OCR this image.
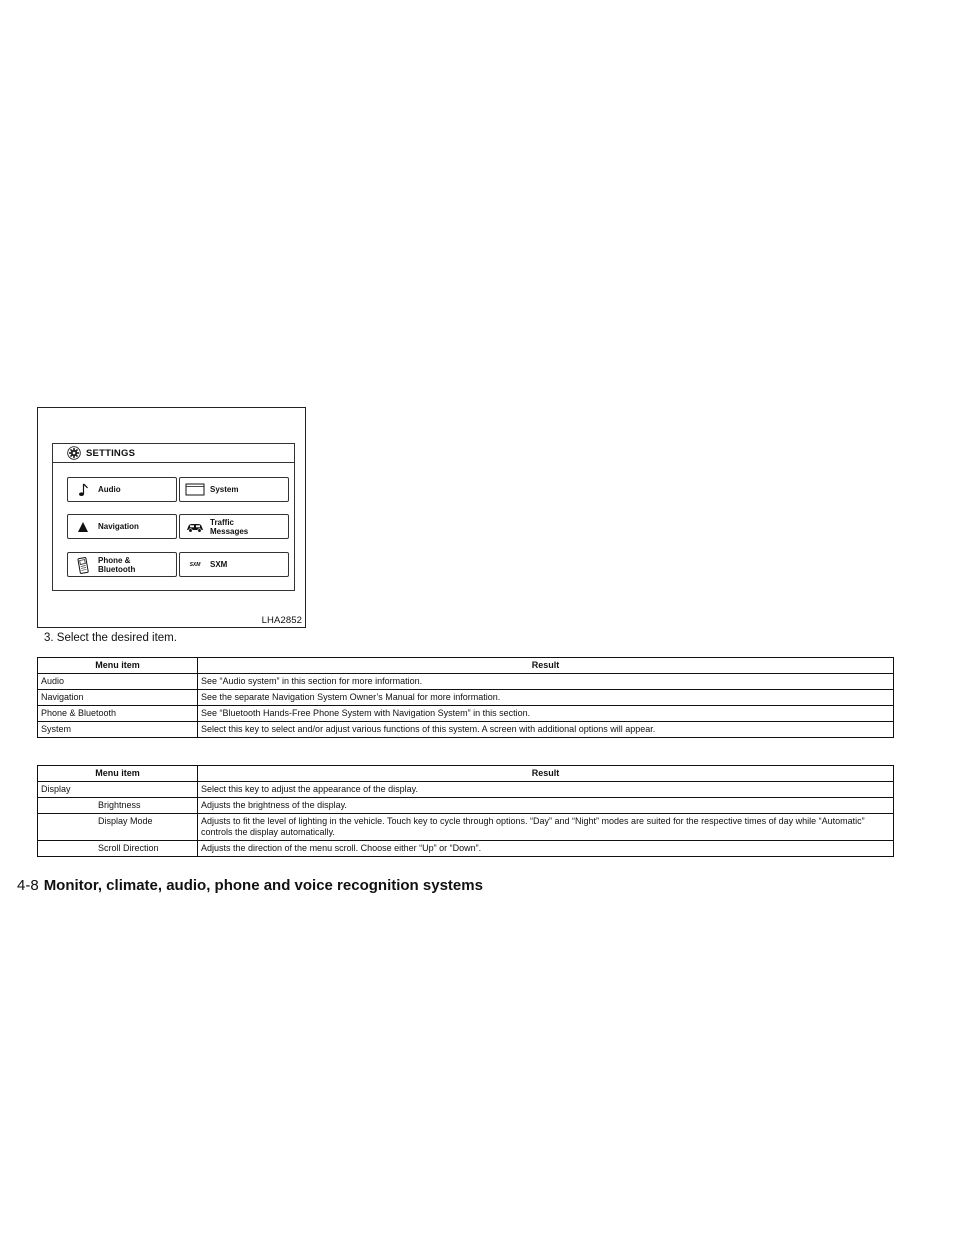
SETTINGS
Audio	System
Navigation	Traffic
Messages
Phone &
Bluetooth	SXM SXM
LHA2852
3. Select the desired item.
Menu item	Result
Audio	See “Audio system” in this section for more information.
Navigation	See the separate Navigation System Owner’s Manual for more information.
Phone & Bluetooth	See “Bluetooth Hands-Free Phone System with Navigation System” in this section.
System	Select this key to select and/or adjust various functions of this system. A screen with additional options will appear.
Menu item	Result
Display	Select this key to adjust the appearance of the display.
Brightness	Adjusts the brightness of the display.
Display Mode	Adjusts to fit the level of lighting in the vehicle. Touch key to cycle through options. “Day” and “Night” modes are suited for the respective times of day while “Automatic” controls the display automatically.
Scroll Direction	Adjusts the direction of the menu scroll. Choose either “Up” or “Down”.
4-8 Monitor, climate, audio, phone and voice recognition systems
